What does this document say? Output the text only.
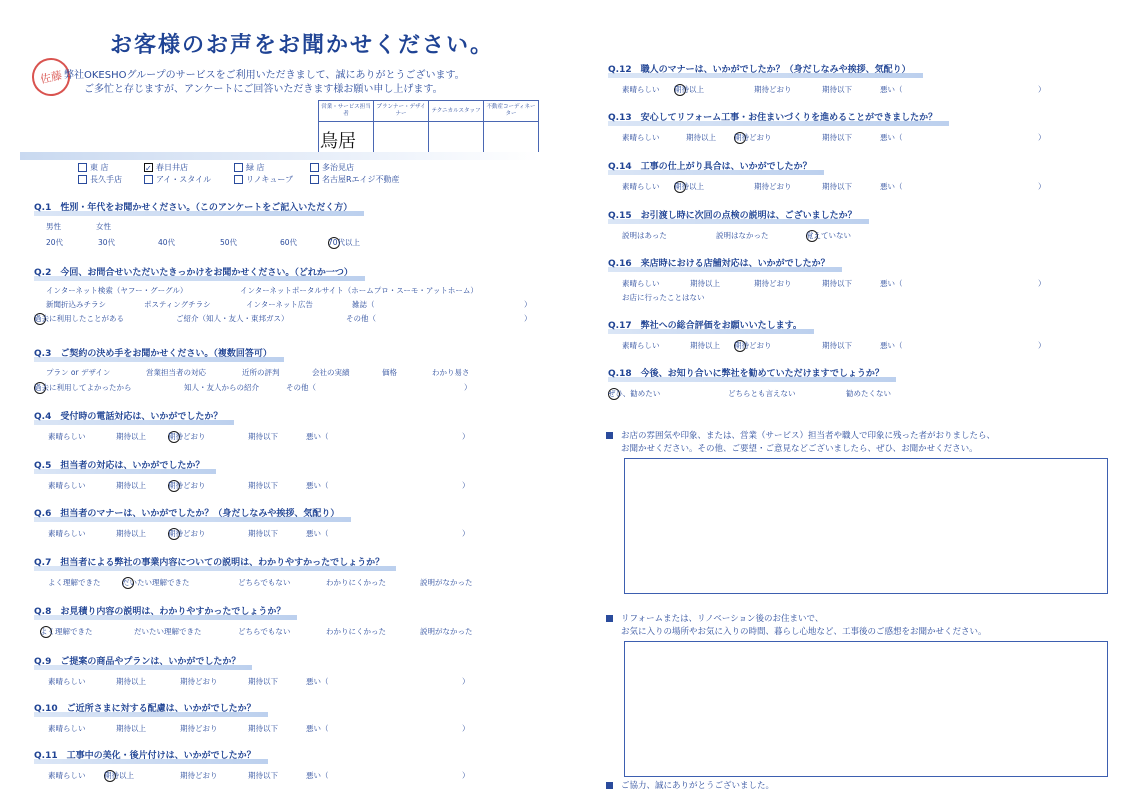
お客様のお声をお聞かせください。
佐藤 弊社OKESHOグループのサービスをご利用いただきまして、誠にありがとうございます。
ご多忙と存じますが、アンケートにご回答いただきます様お願い申し上げます。
営業・サービス担当者	プランナー・デザイナー	テクニカルスタッフ	不動産コーディネーター
鳥居			
東 店	✓ 春日井店	緑 店	多治見店
長久手店	アイ・スタイル	リノキューブ	名古屋Rエイジ不動産
Q.1　性別・年代をお聞かせください。（このアンケートをご記入いただく方）
男性	女性
20代	30代	40代	50代	60代	70代以上
Q.2　今回、お問合せいただいたきっかけをお聞かせください。（どれか一つ）
インターネット検索（ヤフー・グーグル）	インターネットポータルサイト（ホームプロ・スーモ・アットホーム）
新聞折込みチラシ	ポスティングチラシ	インターネット広告	雑誌（	）
過去に利用したことがある	ご紹介（知人・友人・東邦ガス）	その他（	）
Q.3　ご契約の決め手をお聞かせください。（複数回答可）
プラン or デザイン	営業担当者の対応	近所の評判	会社の実績	価格	わかり易さ
過去に利用してよかったから	知人・友人からの紹介	その他（	）
Q.4　受付時の電話対応は、いかがでしたか？
素晴らしい	期待以上	期待どおり	期待以下	悪い（	）
Q.5　担当者の対応は、いかがでしたか？
素晴らしい	期待以上	期待どおり	期待以下	悪い（	）
Q.6　担当者のマナーは、いかがでしたか？（身だしなみや挨拶、気配り）
素晴らしい	期待以上	期待どおり	期待以下	悪い（	）
Q.7　担当者による弊社の事業内容についての説明は、わかりやすかったでしょうか？
よく理解できた	だいたい理解できた	どちらでもない	わかりにくかった	説明がなかった
Q.8　お見積り内容の説明は、わかりやすかったでしょうか？
よく理解できた	だいたい理解できた	どちらでもない	わかりにくかった	説明がなかった
Q.9　ご提案の商品やプランは、いかがでしたか？
素晴らしい	期待以上	期待どおり	期待以下	悪い（	）
Q.10　ご近所さまに対する配慮は、いかがでしたか？
素晴らしい	期待以上	期待どおり	期待以下	悪い（	）
Q.11　工事中の美化・後片付けは、いかがでしたか？
素晴らしい 期待以上	期待どおり	期待以下	悪い（	）
Q.12　職人のマナーは、いかがでしたか？（身だしなみや挨拶、気配り）
素晴らしい 期待以上	期待どおり	期待以下	悪い（	）
Q.13　安心してリフォーム工事・お住まいづくりを進めることができましたか？
素晴らしい	期待以上 期待どおり	期待以下	悪い（	）
Q.14　工事の仕上がり具合は、いかがでしたか？
素晴らしい 期待以上	期待どおり	期待以下	悪い（	）
Q.15　お引渡し時に次回の点検の説明は、ございましたか？
説明はあった	説明はなかった	覚えていない
Q.16　来店時における店舗対応は、いかがでしたか？
素晴らしい	期待以上	期待どおり	期待以下	悪い（	）
お店に行ったことはない
Q.17　弊社への総合評価をお願いいたします。
素晴らしい	期待以上 期待どおり	期待以下	悪い（	）
Q.18　今後、お知り合いに弊社を勧めていただけますでしょうか？
ぜひ、勧めたい	どちらとも言えない	勧めたくない
お店の雰囲気や印象、または、営業（サービス）担当者や職人で印象に残った者がおりましたら、
お聞かせください。その他、ご要望・ご意見などございましたら、ぜひ、お聞かせください。
リフォームまたは、リノベーション後のお住まいで、
お気に入りの場所やお気に入りの時間、暮らし心地など、工事後のご感想をお聞かせください。
ご協力、誠にありがとうございました。
